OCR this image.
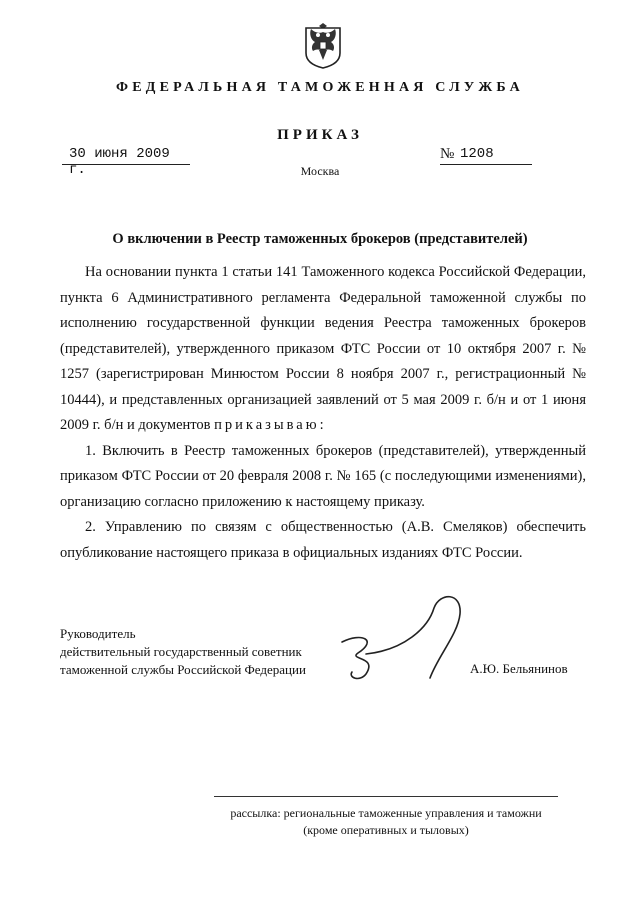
ФЕДЕРАЛЬНАЯ ТАМОЖЕННАЯ СЛУЖБА
ПРИКАЗ
30 июня 2009 г.
№ 1208
Москва
О включении в Реестр таможенных брокеров (представителей)

На основании пункта 1 статьи 141 Таможенного кодекса Российской Федерации, пункта 6 Административного регламента Федеральной таможенной службы по исполнению государственной функции ведения Реестра таможенных брокеров (представителей), утвержденного приказом ФТС России от 10 октября 2007 г. № 1257 (зарегистрирован Минюстом России 8 ноября 2007 г., регистрационный № 10444), и представленных организацией заявлений от 5 мая 2009 г. б/н и от 1 июня 2009 г. б/н и документов приказываю:

1. Включить в Реестр таможенных брокеров (представителей), утвержденный приказом ФТС России от 20 февраля 2008 г. № 165 (с последующими изменениями), организацию согласно приложению к настоящему приказу.

2. Управлению по связям с общественностью (А.В. Смеляков) обеспечить опубликование настоящего приказа в официальных изданиях ФТС России.

Руководитель
действительный государственный советник
таможенной службы Российской Федерации	А.Ю. Бельянинов
рассылка: региональные таможенные управления и таможни
(кроме оперативных и тыловых)
